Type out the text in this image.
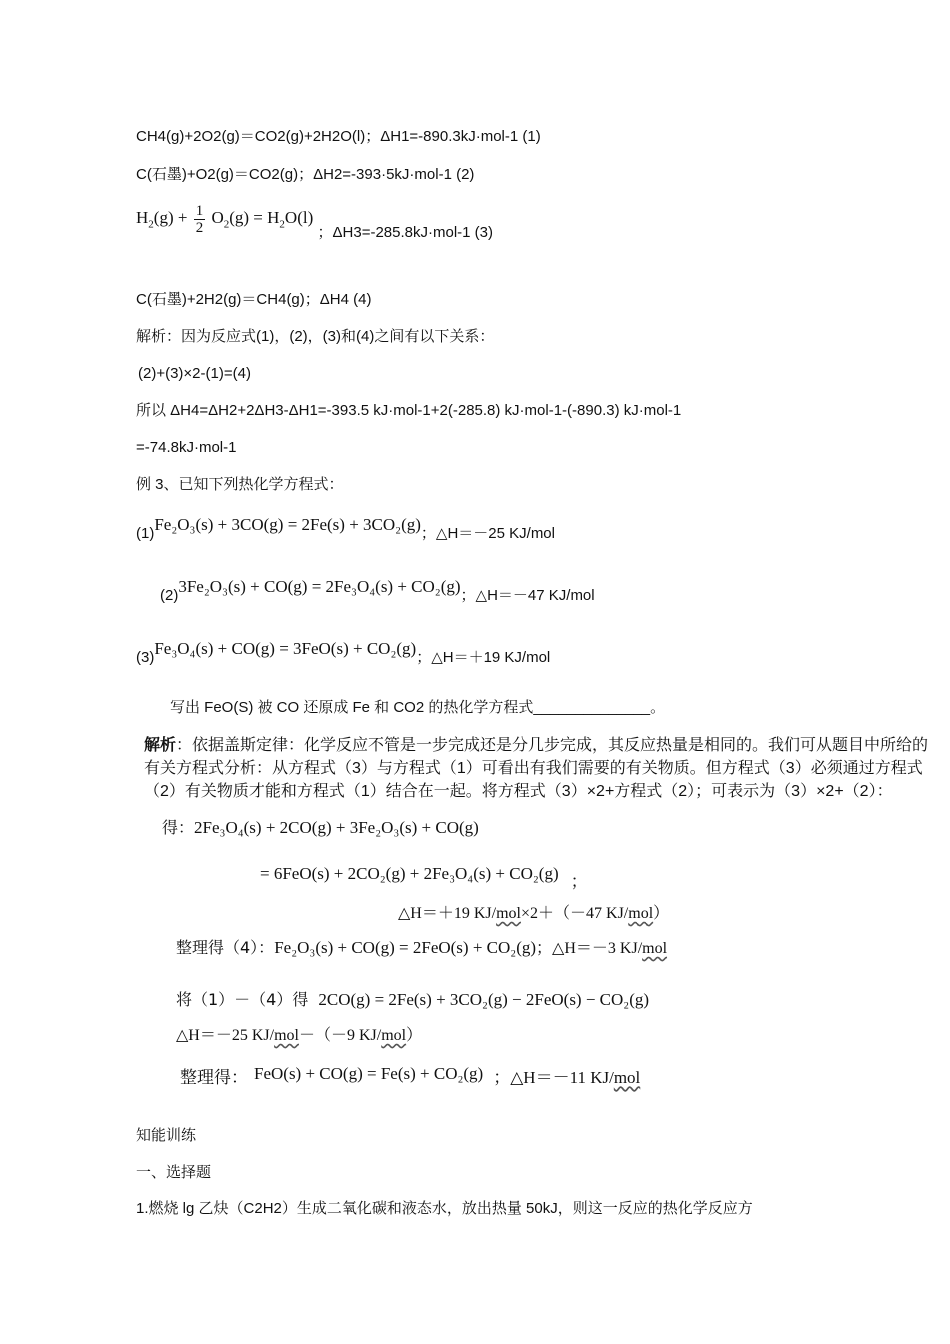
CH4(g)+2O2(g)＝CO2(g)+2H2O(l)；ΔH1=-890.3kJ·mol-1 (1)
C(石墨)+O2(g)＝CO2(g)；ΔH2=-393·5kJ·mol-1 (2)
$H_2(g) + \frac{1}{2} O_2(g) = H_2O(l)$ ；ΔH3=-285.8kJ·mol-1 (3)
C(石墨)+2H2(g)＝CH4(g)；ΔH4 (4)
解析：因为反应式(1)，(2)，(3)和(4)之间有以下关系：
(2)+(3)×2-(1)=(4)
所以 ΔH4=ΔH2+2ΔH3-ΔH1=-393.5 kJ·mol-1+2(-285.8) kJ·mol-1-(-890.3) kJ·mol-1
=-74.8kJ·mol-1
例 3、已知下列热化学方程式：
(1)Fe₂O₃(s) + 3CO(g) = 2Fe(s) + 3CO₂(g)；△H＝－25 KJ/mol
(2)3Fe₂O₃(s) + CO(g) = 2Fe₃O₄(s) + CO₂(g)；△H＝－47 KJ/mol
(3)Fe₃O₄(s) + CO(g) = 3FeO(s) + CO₂(g)；△H＝＋19 KJ/mol
写出 FeO(S) 被 CO 还原成 Fe 和 CO2 的热化学方程式______________。
解析：依据盖斯定律：化学反应不管是一步完成还是分几步完成，其反应热量是相同的。我们可从题目中所给的有关方程式分析：从方程式（3）与方程式（1）可看出有我们需要的有关物质。但方程式（3）必须通过方程式（2）有关物质才能和方程式（1）结合在一起。将方程式（3）×2+方程式（2）；可表示为（3）×2+（2）：
得：2Fe₃O₄(s) + 2CO(g) + 3Fe₂O₃(s) + CO(g)
= 6FeO(s) + 2CO₂(g) + 2Fe₃O₄(s) + CO₂(g) ；
△H＝＋19 KJ/mol×2＋（－47 KJ/mol）
整理得（4）：Fe₂O₃(s) + CO(g) = 2FeO(s) + CO₂(g)；△H＝－3 KJ/mol
将（1）－（4）得 2CO(g) = 2Fe(s) + 3CO₂(g) − 2FeO(s) − CO₂(g)
△H＝－25 KJ/mol－（－9 KJ/mol）
整理得： FeO(s) + CO(g) = Fe(s) + CO₂(g) ；△H＝－11 KJ/mol
知能训练
一、选择题
1.燃烧 lg 乙炔（C2H2）生成二氧化碳和液态水，放出热量 50kJ，则这一反应的热化学反应方
